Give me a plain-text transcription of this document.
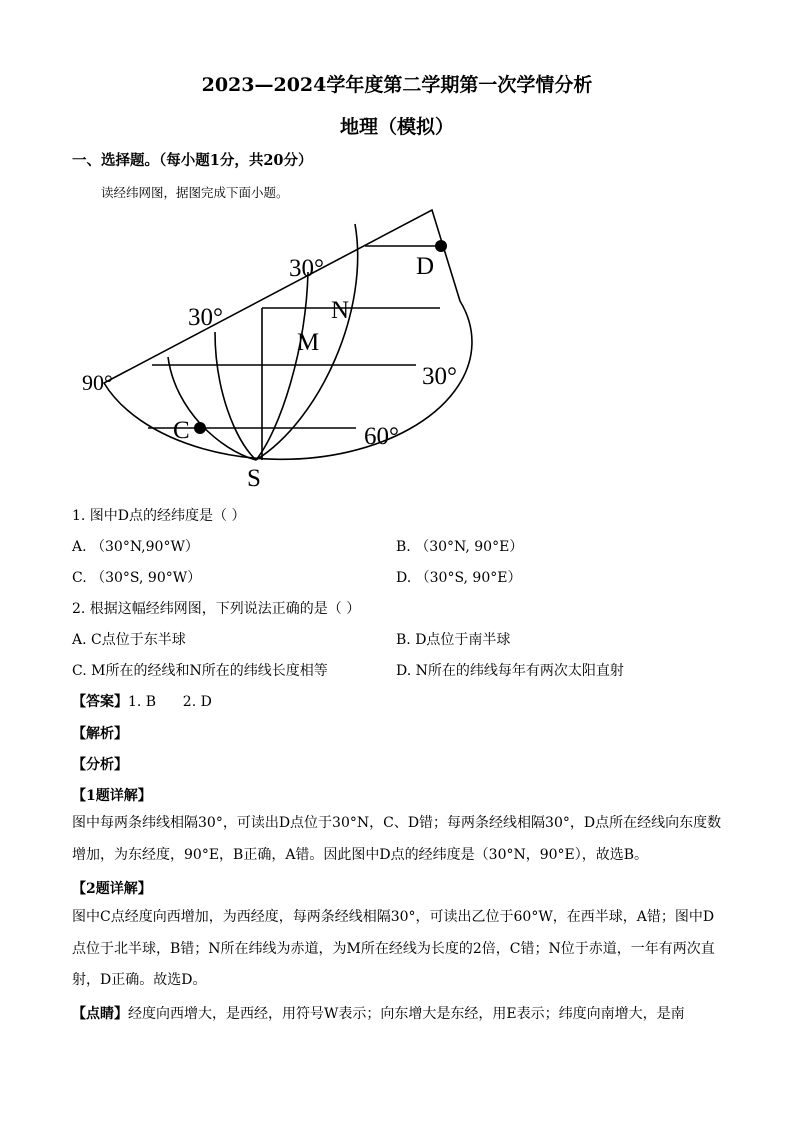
2023—2024学年度第二学期第一次学情分析
地理（模拟）
一、选择题。（每小题1分，共20分）
读经纬网图，据图完成下面小题。
30°
30°
90°	30°
60°
D
N
M
C
S
1. 图中D点的经纬度是（ ）
A. （30°N,90°W）	B. （30°N, 90°E）
C. （30°S, 90°W）	D. （30°S, 90°E）
2. 根据这幅经纬网图，下列说法正确的是（ ）
A. C点位于东半球	B. D点位于南半球
C. M所在的经线和N所在的纬线长度相等	D. N所在的纬线每年有两次太阳直射
【答案】1. B      2. D
【解析】
【分析】
【1题详解】
图中每两条纬线相隔30°，可读出D点位于30°N，C、D错；每两条经线相隔30°，D点所在经线向东度数增加，为东经度，90°E，B正确，A错。因此图中D点的经纬度是（30°N，90°E），故选B。
【2题详解】
图中C点经度向西增加，为西经度，每两条经线相隔30°，可读出乙位于60°W，在西半球，A错；图中D点位于北半球，B错；N所在纬线为赤道，为M所在经线为长度的2倍，C错；N位于赤道，一年有两次直射，D正确。故选D。
【点睛】经度向西增大，是西经，用符号W表示；向东增大是东经，用E表示；纬度向南增大，是南
